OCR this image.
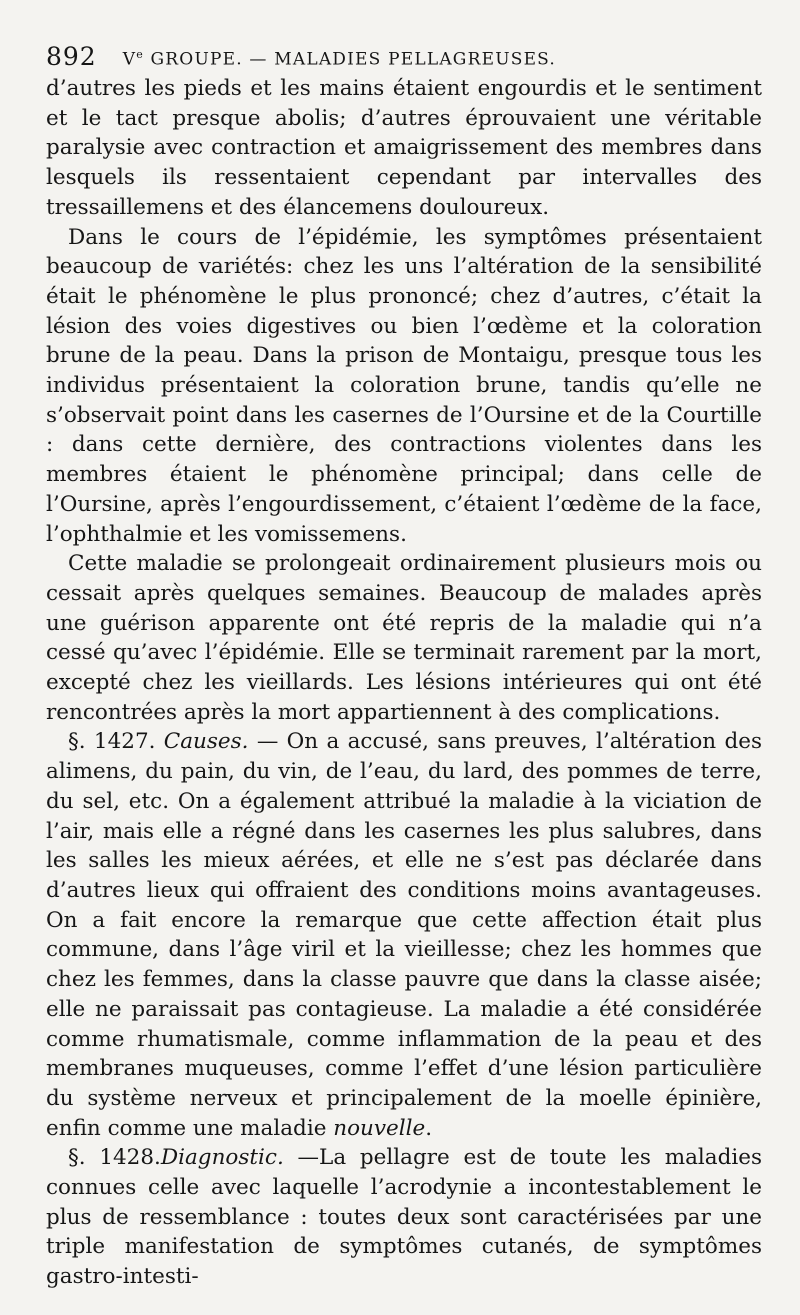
892 Ve GROUPE. — MALADIES PELLAGREUSES.

d’autres les pieds et les mains étaient engourdis et le sentiment et le tact presque abolis; d’autres éprouvaient une véritable paralysie avec contraction et amaigrissement des membres dans lesquels ils ressentaient cependant par intervalles des tressaillemens et des élancemens douloureux.

Dans le cours de l’épidémie, les symptômes présentaient beaucoup de variétés: chez les uns l’altération de la sensibilité était le phénomène le plus prononcé; chez d’autres, c’était la lésion des voies digestives ou bien l’œdème et la coloration brune de la peau. Dans la prison de Montaigu, presque tous les individus présentaient la coloration brune, tandis qu’elle ne s’observait point dans les casernes de l’Oursine et de la Courtille : dans cette dernière, des contractions violentes dans les membres étaient le phénomène principal; dans celle de l’Oursine, après l’engourdissement, c’étaient l’œdème de la face, l’ophthalmie et les vomissemens.

Cette maladie se prolongeait ordinairement plusieurs mois ou cessait après quelques semaines. Beaucoup de malades après une guérison apparente ont été repris de la maladie qui n’a cessé qu’avec l’épidémie. Elle se terminait rarement par la mort, excepté chez les vieillards. Les lésions intérieures qui ont été rencontrées après la mort appartiennent à des complications.

§. 1427. Causes. — On a accusé, sans preuves, l’altération des alimens, du pain, du vin, de l’eau, du lard, des pommes de terre, du sel, etc. On a également attribué la maladie à la viciation de l’air, mais elle a régné dans les casernes les plus salubres, dans les salles les mieux aérées, et elle ne s’est pas déclarée dans d’autres lieux qui offraient des conditions moins avantageuses. On a fait encore la remarque que cette affection était plus commune, dans l’âge viril et la vieillesse; chez les hommes que chez les femmes, dans la classe pauvre que dans la classe aisée; elle ne paraissait pas contagieuse. La maladie a été considérée comme rhumatismale, comme inflammation de la peau et des membranes muqueuses, comme l’effet d’une lésion particulière du système nerveux et principalement de la moelle épinière, enfin comme une maladie nouvelle.

§. 1428.Diagnostic. —La pellagre est de toute les maladies connues celle avec laquelle l’acrodynie a incontestablement le plus de ressemblance : toutes deux sont caractérisées par une triple manifestation de symptômes cutanés, de symptômes gastro-intesti-
